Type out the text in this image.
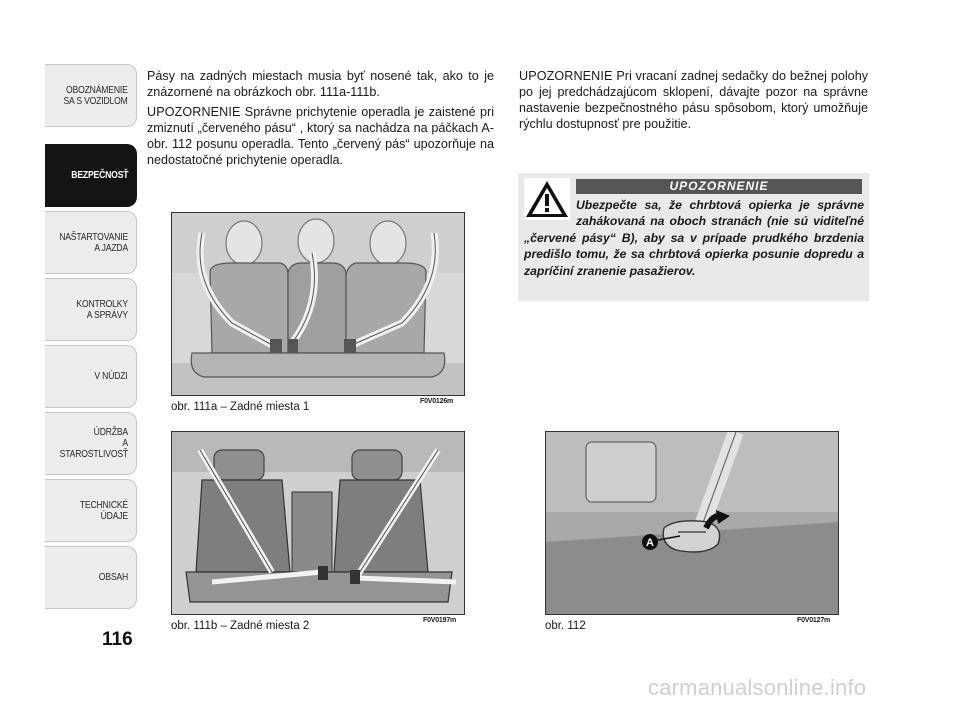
OBOZNÁMENIE
SA S VOZIDLOM
BEZPEČNOSŤ
NAŠTARTOVANIE
A JAZDA
KONTROLKY
A SPRÁVY
V NÚDZI
ÚDRŽBA
A STAROSTLIVOSŤ
TECHNICKÉ
ÚDAJE
OBSAH
116

Pásy na zadných miestach musia byť nosené tak, ako to je znázornené na obrázkoch obr. 111a-111b.

UPOZORNENIE Správne prichytenie operadla je zaistené pri zmiznutí „červeného pásu“ , ktorý sa nachádza na páčkach A-obr. 112 posunu operadla. Tento „červený pás“ upozorňuje na nedostatočné prichytenie operadla.

UPOZORNENIE Pri vracaní zadnej sedačky do bežnej polohy po jej predchádzajúcom sklopení, dávajte pozor na správne nastavenie bezpečnostného pásu spôsobom, ktorý umožňuje rýchlu dostupnosť pre použitie.

UPOZORNENIE

Ubezpečte sa, že chrbtová opierka je správne zahákovaná na oboch stranách (nie sú viditeľné „červené pásy“ B), aby sa v prípade prudkého brzdenia predišlo tomu, že sa chrbtová opierka posunie dopredu a zapríčiní zranenie pasažierov.

obr. 111a – Zadné miesta 1	F0V0126m
obr. 111b – Zadné miesta 2	F0V0197m
A
obr. 112	F0V0127m
carmanualsonline.info
